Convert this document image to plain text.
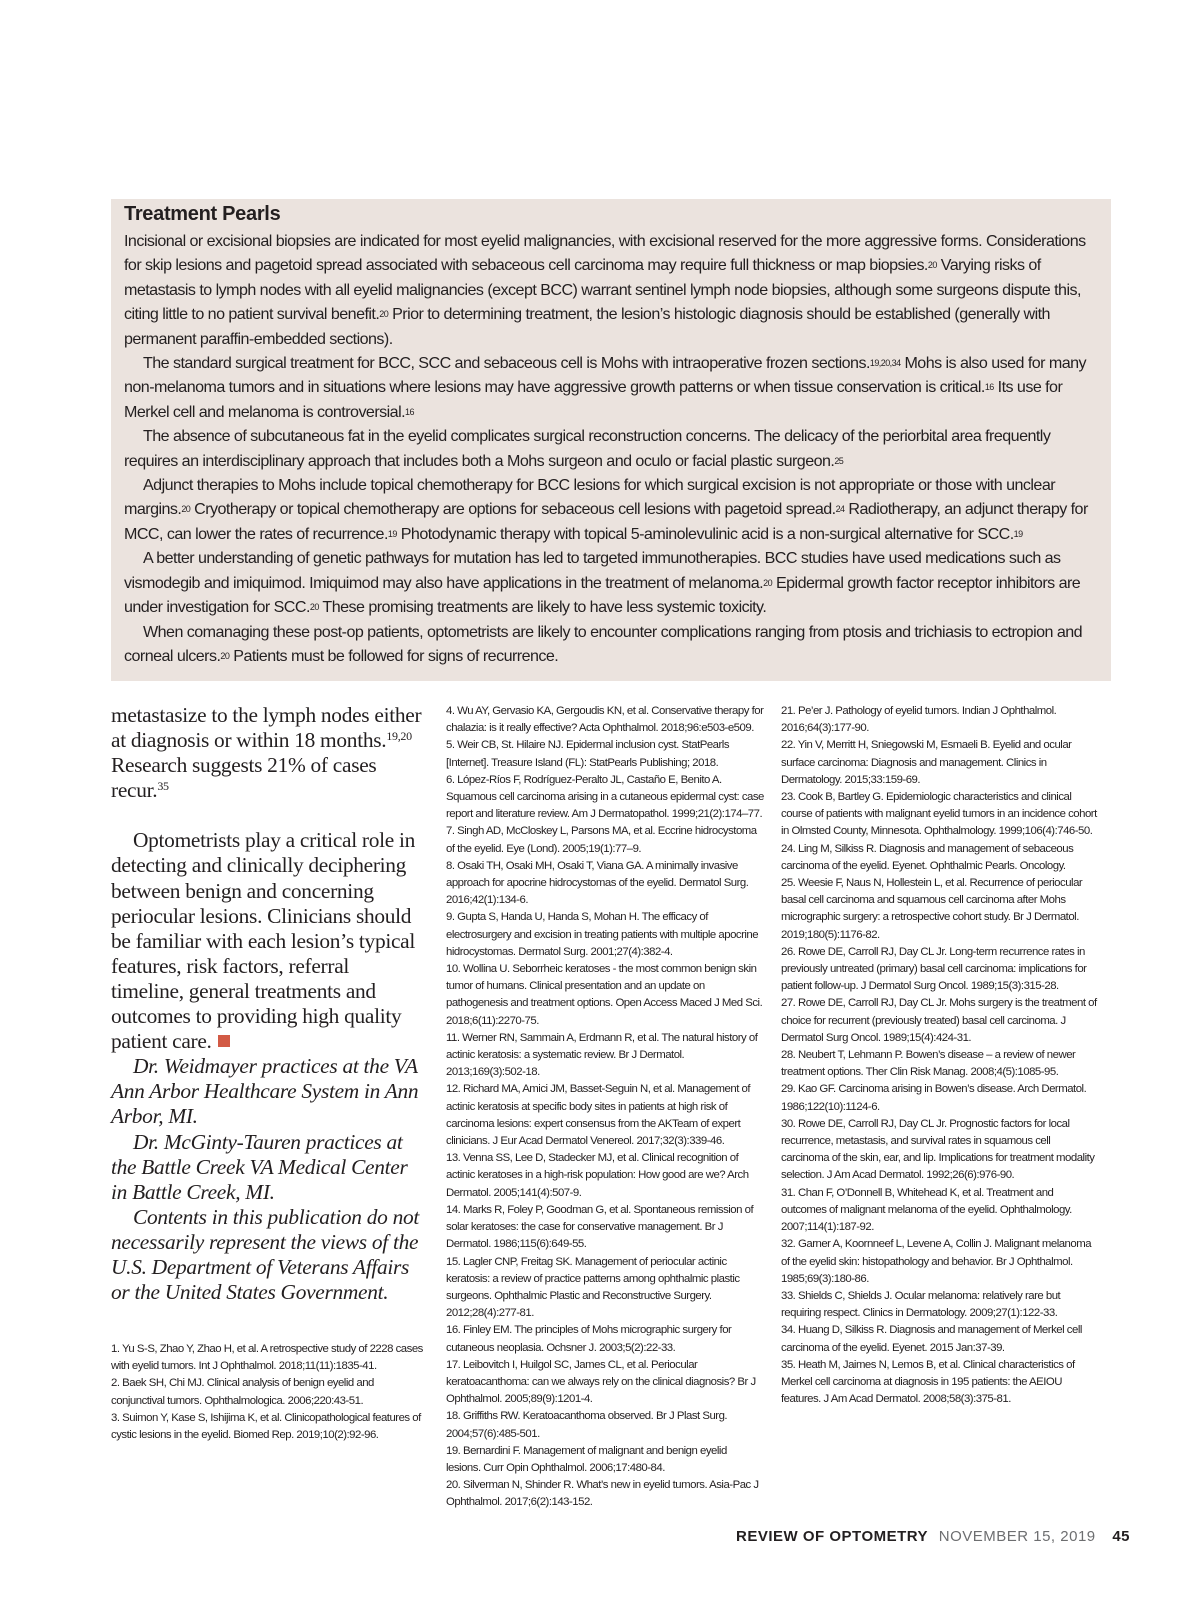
Treatment Pearls

Incisional or excisional biopsies are indicated for most eyelid malignancies, with excisional reserved for the more aggressive forms. Considerations for skip lesions and pagetoid spread associated with sebaceous cell carcinoma may require full thickness or map biopsies.$^{20}$ Varying risks of metastasis to lymph nodes with all eyelid malignancies (except BCC) warrant sentinel lymph node biopsies, although some surgeons dispute this, citing little to no patient survival benefit.$^{20}$ Prior to determining treatment, the lesion’s histologic diagnosis should be established (generally with permanent paraffin-embedded sections).

The standard surgical treatment for BCC, SCC and sebaceous cell is Mohs with intraoperative frozen sections.$^{19,20,34}$ Mohs is also used for many non-melanoma tumors and in situations where lesions may have aggressive growth patterns or when tissue conservation is critical.$^{16}$ Its use for Merkel cell and melanoma is controversial.$^{16}$

The absence of subcutaneous fat in the eyelid complicates surgical reconstruction concerns. The delicacy of the periorbital area frequently requires an interdisciplinary approach that includes both a Mohs surgeon and oculo or facial plastic surgeon.$^{25}$

Adjunct therapies to Mohs include topical chemotherapy for BCC lesions for which surgical excision is not appropriate or those with unclear margins.$^{20}$ Cryotherapy or topical chemotherapy are options for sebaceous cell lesions with pagetoid spread.$^{24}$ Radiotherapy, an adjunct therapy for MCC, can lower the rates of recurrence.$^{19}$ Photodynamic therapy with topical 5-aminolevulinic acid is a non-surgical alternative for SCC.$^{19}$

A better understanding of genetic pathways for mutation has led to targeted immunotherapies. BCC studies have used medications such as vismodegib and imiquimod. Imiquimod may also have applications in the treatment of melanoma.$^{20}$ Epidermal growth factor receptor inhibitors are under investigation for SCC.$^{20}$ These promising treatments are likely to have less systemic toxicity.

When comanaging these post-op patients, optometrists are likely to encounter complications ranging from ptosis and trichiasis to ectropion and corneal ulcers.$^{20}$ Patients must be followed for signs of recurrence.

metastasize to the lymph nodes either at diagnosis or within 18 months.$^{19,20}$ Research suggests 21% of cases recur.$^{35}$

Optometrists play a critical role in detecting and clinically deciphering between benign and concerning periocular lesions. Clinicians should be familiar with each lesion’s typical features, risk factors, referral timeline, general treatments and outcomes to providing high quality patient care.

Dr. Weidmayer practices at the VA Ann Arbor Healthcare System in Ann Arbor, MI.

Dr. McGinty-Tauren practices at the Battle Creek VA Medical Center in Battle Creek, MI.

Contents in this publication do not necessarily represent the views of the U.S. Department of Veterans Affairs or the United States Government.

1. Yu S-S, Zhao Y, Zhao H, et al. A retrospective study of 2228 cases with eyelid tumors. Int J Ophthalmol. 2018;11(11):1835-41.
2. Baek SH, Chi MJ. Clinical analysis of benign eyelid and conjunctival tumors. Ophthalmologica. 2006;220:43-51.
3. Suimon Y, Kase S, Ishijima K, et al. Clinicopathological features of cystic lesions in the eyelid. Biomed Rep. 2019;10(2):92-96.
4. Wu AY, Gervasio KA, Gergoudis KN, et al. Conservative therapy for chalazia: is it really effective? Acta Ophthalmol. 2018;96:e503-e509.
5. Weir CB, St. Hilaire NJ. Epidermal inclusion cyst. StatPearls [Internet]. Treasure Island (FL): StatPearls Publishing; 2018.
6. López-Ríos F, Rodríguez-Peralto JL, Castaño E, Benito A. Squamous cell carcinoma arising in a cutaneous epidermal cyst: case report and literature review. Am J Dermatopathol. 1999;21(2):174–77.
7. Singh AD, McCloskey L, Parsons MA, et al. Eccrine hidrocystoma of the eyelid. Eye (Lond). 2005;19(1):77–9.
8. Osaki TH, Osaki MH, Osaki T, Viana GA. A minimally invasive approach for apocrine hidrocystomas of the eyelid. Dermatol Surg. 2016;42(1):134-6.
9. Gupta S, Handa U, Handa S, Mohan H. The efficacy of electrosurgery and excision in treating patients with multiple apocrine hidrocystomas. Dermatol Surg. 2001;27(4):382-4.
10. Wollina U. Seborrheic keratoses - the most common benign skin tumor of humans. Clinical presentation and an update on pathogenesis and treatment options. Open Access Maced J Med Sci. 2018;6(11):2270-75.
11. Werner RN, Sammain A, Erdmann R, et al. The natural history of actinic keratosis: a systematic review. Br J Dermatol. 2013;169(3):502-18.
12. Richard MA, Amici JM, Basset-Seguin N, et al. Management of actinic keratosis at specific body sites in patients at high risk of carcinoma lesions: expert consensus from the AKTeam of expert clinicians. J Eur Acad Dermatol Venereol. 2017;32(3):339-46.
13. Venna SS, Lee D, Stadecker MJ, et al. Clinical recognition of actinic keratoses in a high-risk population: How good are we? Arch Dermatol. 2005;141(4):507-9.
14. Marks R, Foley P, Goodman G, et al. Spontaneous remission of solar keratoses: the case for conservative management. Br J Dermatol. 1986;115(6):649-55.
15. Lagler CNP, Freitag SK. Management of periocular actinic keratosis: a review of practice patterns among ophthalmic plastic surgeons. Ophthalmic Plastic and Reconstructive Surgery. 2012;28(4):277-81.
16. Finley EM. The principles of Mohs micrographic surgery for cutaneous neoplasia. Ochsner J. 2003;5(2):22-33.
17. Leibovitch I, Huilgol SC, James CL, et al. Periocular keratoacanthoma: can we always rely on the clinical diagnosis? Br J Ophthalmol. 2005;89(9):1201-4.
18. Griffiths RW. Keratoacanthoma observed. Br J Plast Surg. 2004;57(6):485-501.
19. Bernardini F. Management of malignant and benign eyelid lesions. Curr Opin Ophthalmol. 2006;17:480-84.
20. Silverman N, Shinder R. What’s new in eyelid tumors. Asia-Pac J Ophthalmol. 2017;6(2):143-152.
21. Pe’er J. Pathology of eyelid tumors. Indian J Ophthalmol. 2016;64(3):177-90.
22. Yin V, Merritt H, Sniegowski M, Esmaeli B. Eyelid and ocular surface carcinoma: Diagnosis and management. Clinics in Dermatology. 2015;33:159-69.
23. Cook B, Bartley G. Epidemiologic characteristics and clinical course of patients with malignant eyelid tumors in an incidence cohort in Olmsted County, Minnesota. Ophthalmology. 1999;106(4):746-50.
24. Ling M, Silkiss R. Diagnosis and management of sebaceous carcinoma of the eyelid. Eyenet. Ophthalmic Pearls. Oncology.
25. Weesie F, Naus N, Hollestein L, et al. Recurrence of periocular basal cell carcinoma and squamous cell carcinoma after Mohs micrographic surgery: a retrospective cohort study. Br J Dermatol. 2019;180(5):1176-82.
26. Rowe DE, Carroll RJ, Day CL Jr. Long-term recurrence rates in previously untreated (primary) basal cell carcinoma: implications for patient follow-up. J Dermatol Surg Oncol. 1989;15(3):315-28.
27. Rowe DE, Carroll RJ, Day CL Jr. Mohs surgery is the treatment of choice for recurrent (previously treated) basal cell carcinoma. J Dermatol Surg Oncol. 1989;15(4):424-31.
28. Neubert T, Lehmann P. Bowen’s disease – a review of newer treatment options. Ther Clin Risk Manag. 2008;4(5):1085-95.
29. Kao GF. Carcinoma arising in Bowen’s disease. Arch Dermatol. 1986;122(10):1124-6.
30. Rowe DE, Carroll RJ, Day CL Jr. Prognostic factors for local recurrence, metastasis, and survival rates in squamous cell carcinoma of the skin, ear, and lip. Implications for treatment modality selection. J Am Acad Dermatol. 1992;26(6):976-90.
31. Chan F, O’Donnell B, Whitehead K, et al. Treatment and outcomes of malignant melanoma of the eyelid. Ophthalmology. 2007;114(1):187-92.
32. Garner A, Koornneef L, Levene A, Collin J. Malignant melanoma of the eyelid skin: histopathology and behavior. Br J Ophthalmol. 1985;69(3):180-86.
33. Shields C, Shields J. Ocular melanoma: relatively rare but requiring respect. Clinics in Dermatology. 2009;27(1):122-33.
34. Huang D, Silkiss R. Diagnosis and management of Merkel cell carcinoma of the eyelid. Eyenet. 2015 Jan:37-39.
35. Heath M, Jaimes N, Lemos B, et al. Clinical characteristics of Merkel cell carcinoma at diagnosis in 195 patients: the AEIOU features. J Am Acad Dermatol. 2008;58(3):375-81.
REVIEW OF OPTOMETRY NOVEMBER 15, 2019 45
